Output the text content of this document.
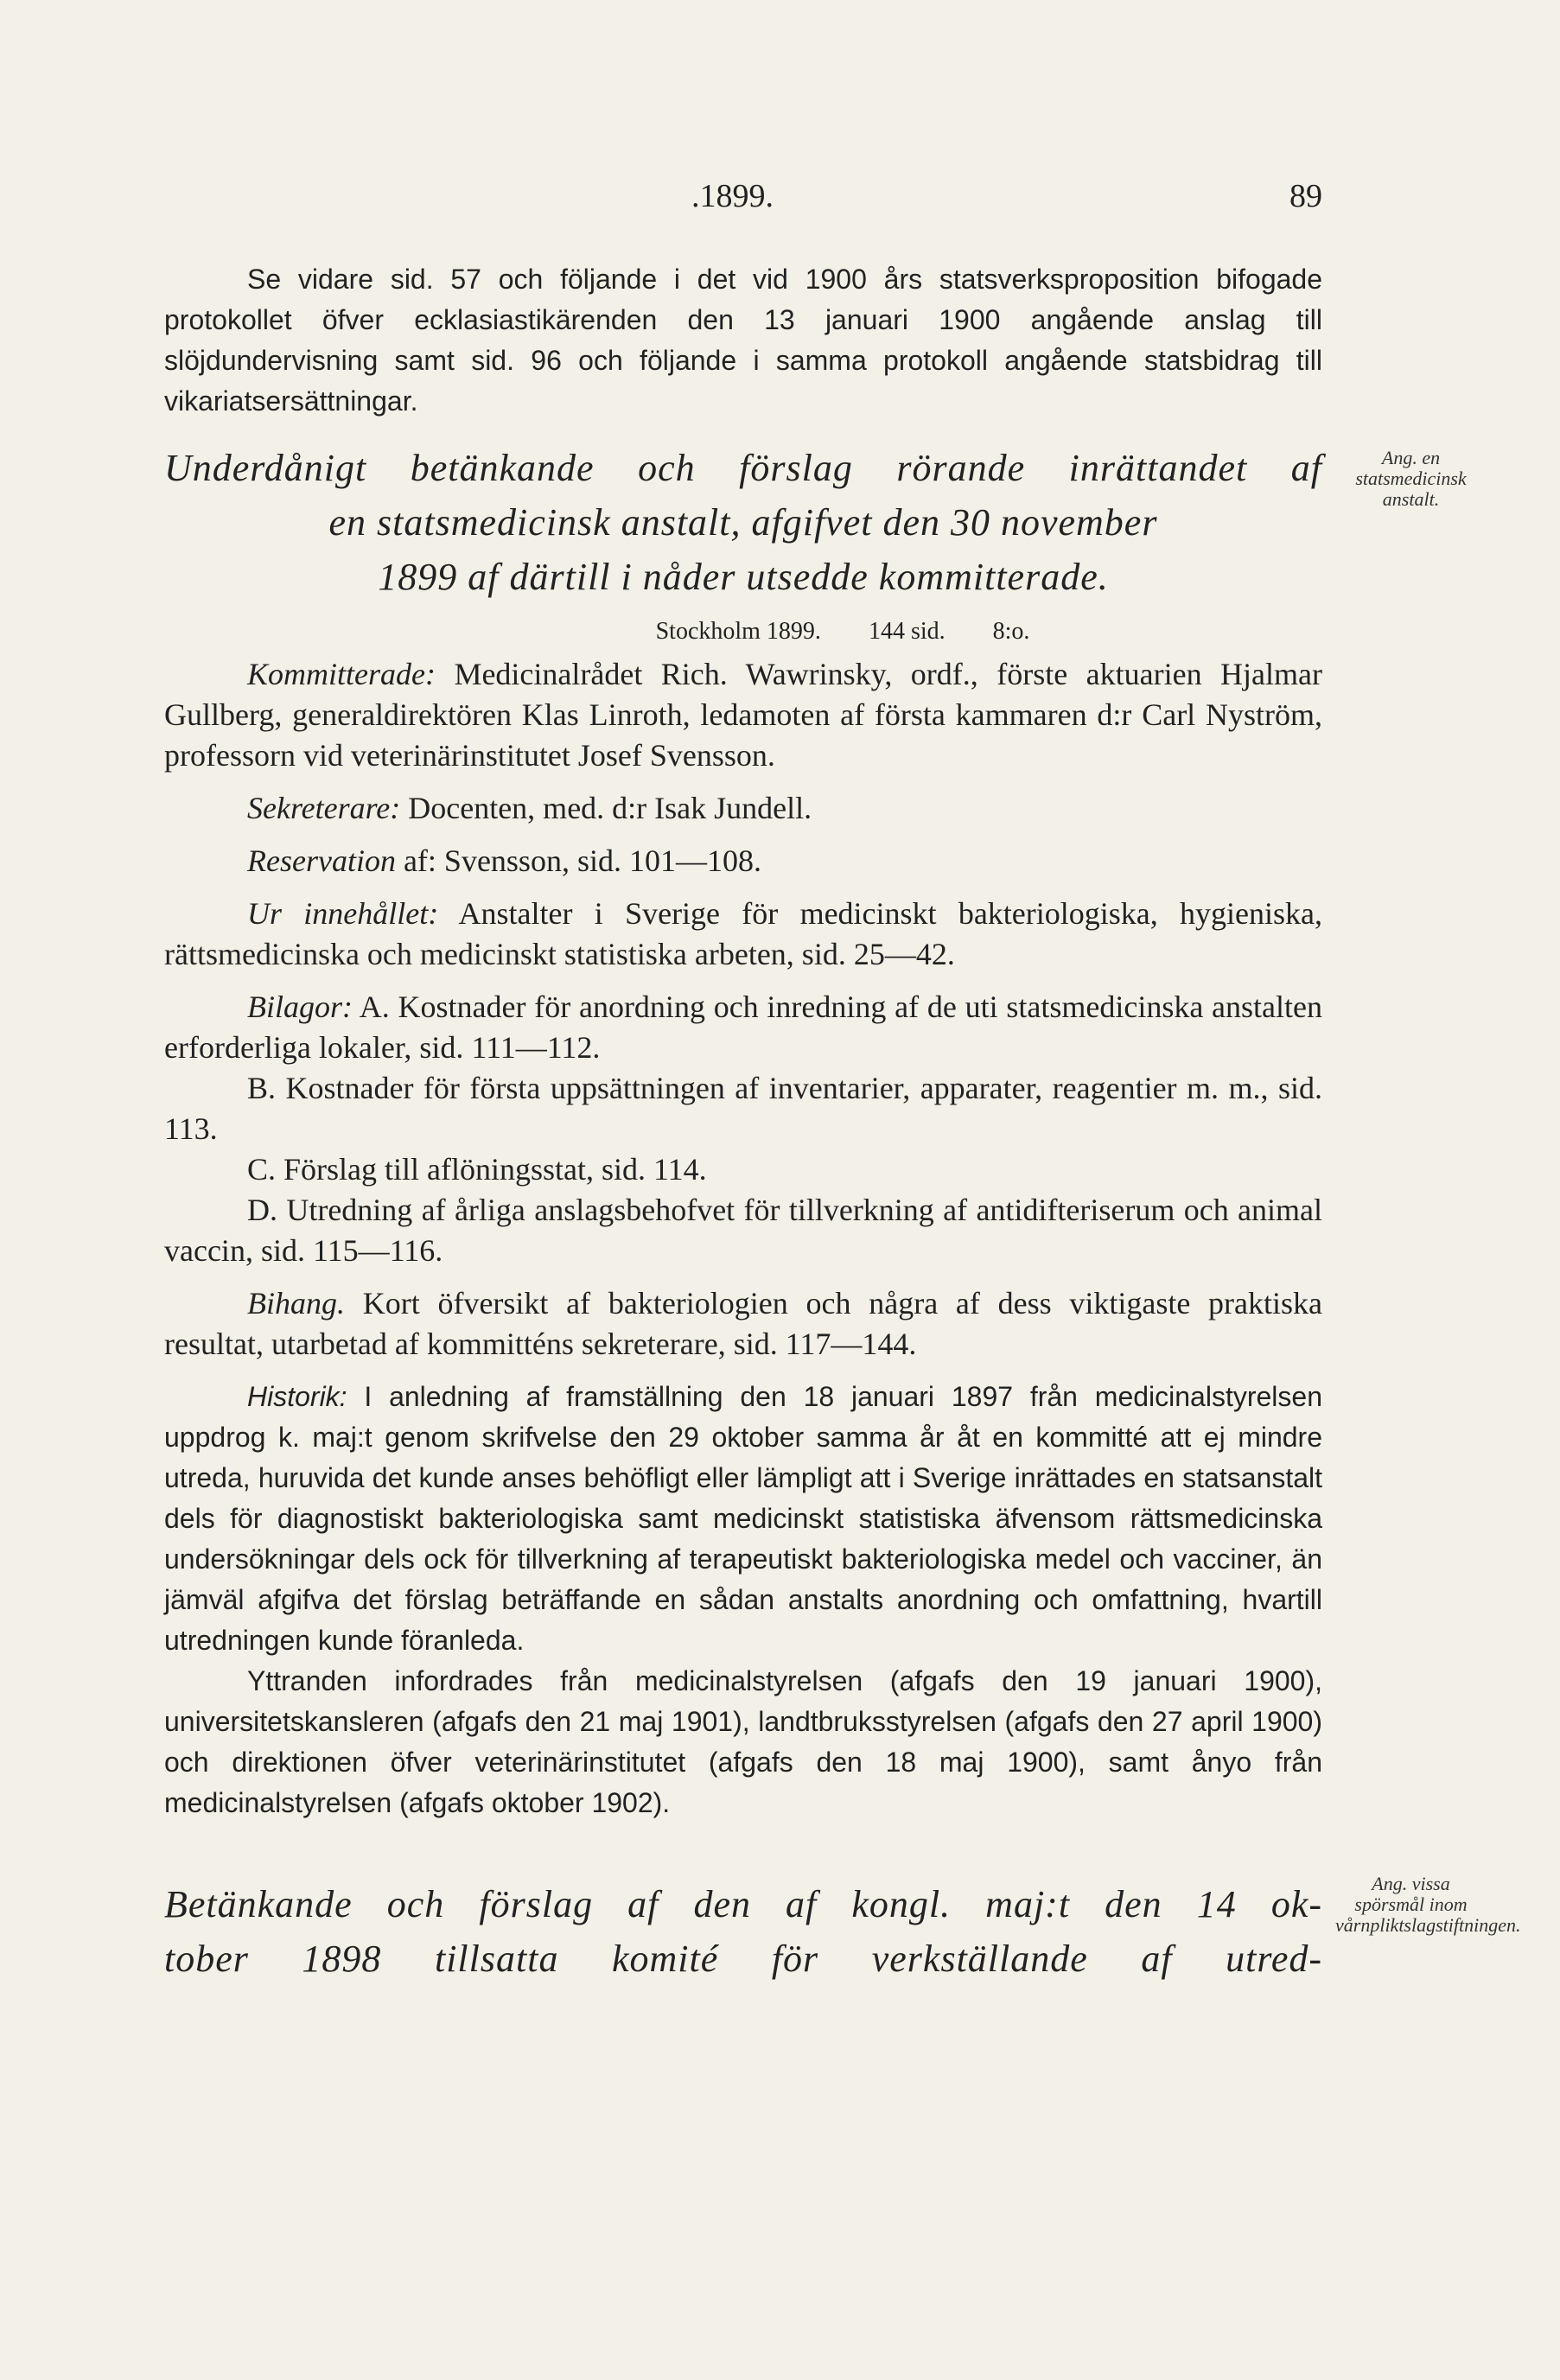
.1899.	89

Se vidare sid. 57 och följande i det vid 1900 års statsverksproposition bifogade protokollet öfver ecklasiastikärenden den 13 januari 1900 angående anslag till slöjdundervisning samt sid. 96 och följande i samma protokoll angående statsbidrag till vikariatsersättningar.

Underdånigt betänkande och förslag rörande inrättandet af
en statsmedicinsk anstalt, afgifvet den 30 november
1899 af därtill i nåder utsedde kommitterade.
Stockholm 1899. 144 sid. 8:o.

Kommitterade: Medicinalrådet Rich. Wawrinsky, ordf., förste aktuarien Hjalmar Gullberg, generaldirektören Klas Linroth, ledamoten af första kammaren d:r Carl Nyström, professorn vid veterinärinstitutet Josef Svensson.

Sekreterare: Docenten, med. d:r Isak Jundell.

Reservation af: Svensson, sid. 101—108.

Ur innehållet: Anstalter i Sverige för medicinskt bakteriologiska, hygieniska, rättsmedicinska och medicinskt statistiska arbeten, sid. 25—42.

Bilagor: A. Kostnader för anordning och inredning af de uti statsmedicinska anstalten erforderliga lokaler, sid. 111—112.

B. Kostnader för första uppsättningen af inventarier, apparater, reagentier m. m., sid. 113.

C. Förslag till aflöningsstat, sid. 114.

D. Utredning af årliga anslagsbehofvet för tillverkning af antidifteriserum och animal vaccin, sid. 115—116.

Bihang. Kort öfversikt af bakteriologien och några af dess viktigaste praktiska resultat, utarbetad af kommitténs sekreterare, sid. 117—144.

Historik: I anledning af framställning den 18 januari 1897 från medicinalstyrelsen uppdrog k. maj:t genom skrifvelse den 29 oktober samma år åt en kommitté att ej mindre utreda, huruvida det kunde anses behöfligt eller lämpligt att i Sverige inrättades en statsanstalt dels för diagnostiskt bakteriologiska samt medicinskt statistiska äfvensom rättsmedicinska undersökningar dels ock för tillverkning af terapeutiskt bakteriologiska medel och vacciner, än jämväl afgifva det förslag beträffande en sådan anstalts anordning och omfattning, hvartill utredningen kunde föranleda.

Yttranden infordrades från medicinalstyrelsen (afgafs den 19 januari 1900), universitetskansleren (afgafs den 21 maj 1901), landtbruksstyrelsen (afgafs den 27 april 1900) och direktionen öfver veterinärinstitutet (afgafs den 18 maj 1900), samt ånyo från medicinalstyrelsen (afgafs oktober 1902).

Ang. en statsmedicinsk anstalt.
Betänkande och förslag af den af kongl. maj:t den 14 ok-
tober 1898 tillsatta komité för verkställande af utred-
Ang. vissa spörsmål inom vårnpliktslagstiftningen.
